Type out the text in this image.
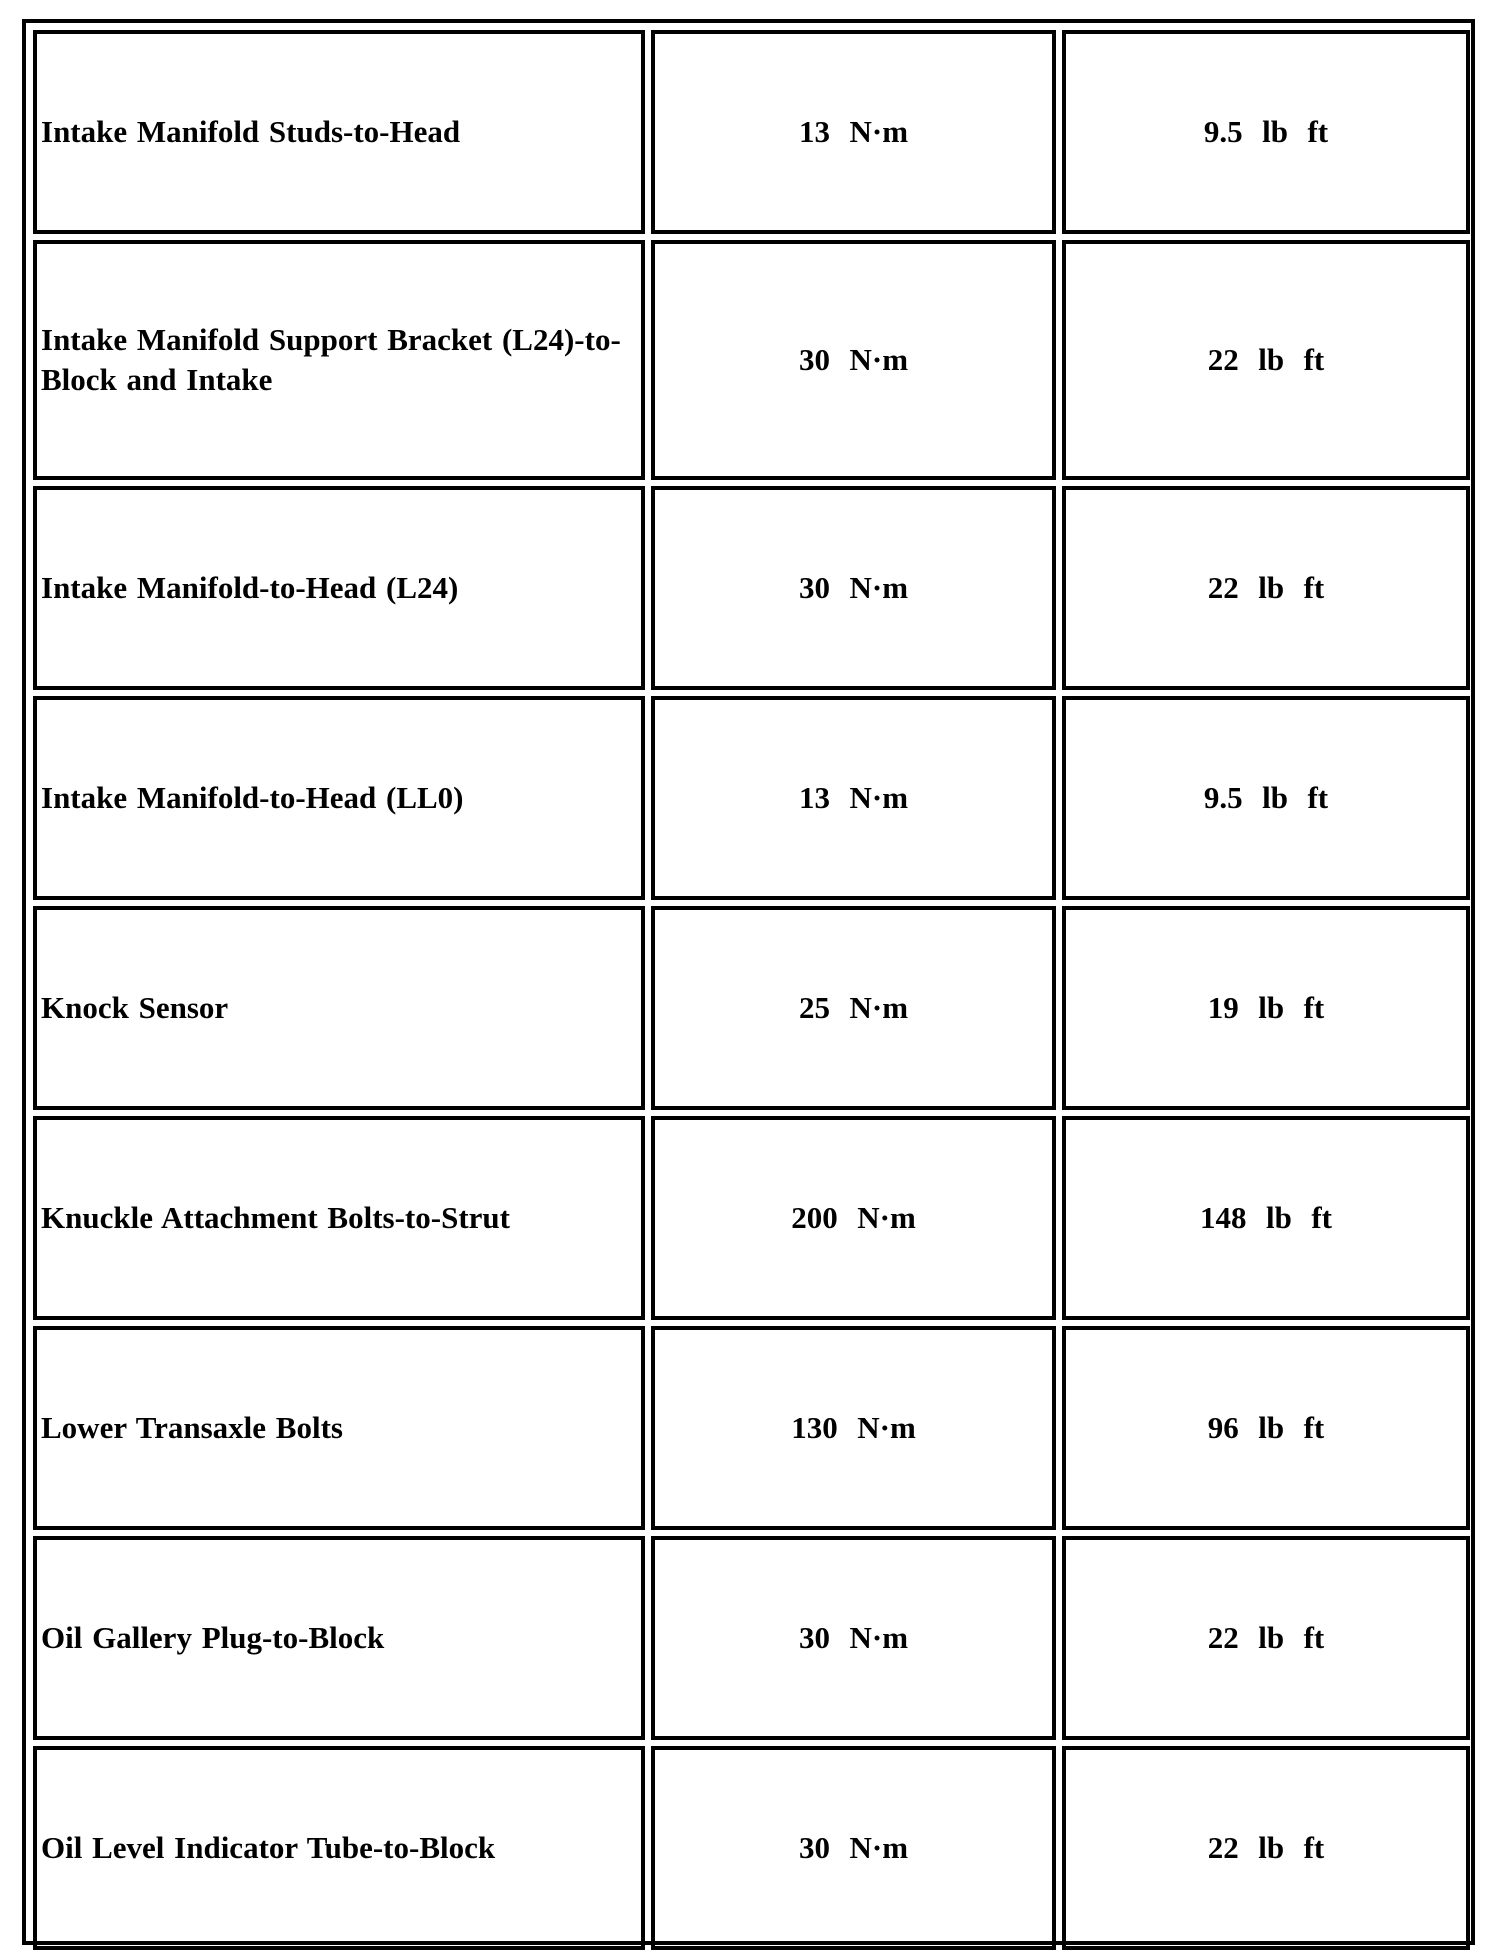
Intake Manifold Studs-to-Head	13  N·m	9.5  lb  ft
Intake Manifold Support Bracket (L24)-to-Block and Intake	30  N·m	22  lb  ft
Intake Manifold-to-Head (L24)	30  N·m	22  lb  ft
Intake Manifold-to-Head (LL0)	13  N·m	9.5  lb  ft
Knock Sensor	25  N·m	19  lb  ft
Knuckle Attachment Bolts-to-Strut	200  N·m	148  lb  ft
Lower Transaxle Bolts	130  N·m	96  lb  ft
Oil Gallery Plug-to-Block	30  N·m	22  lb  ft
Oil Level Indicator Tube-to-Block	30  N·m	22  lb  ft
